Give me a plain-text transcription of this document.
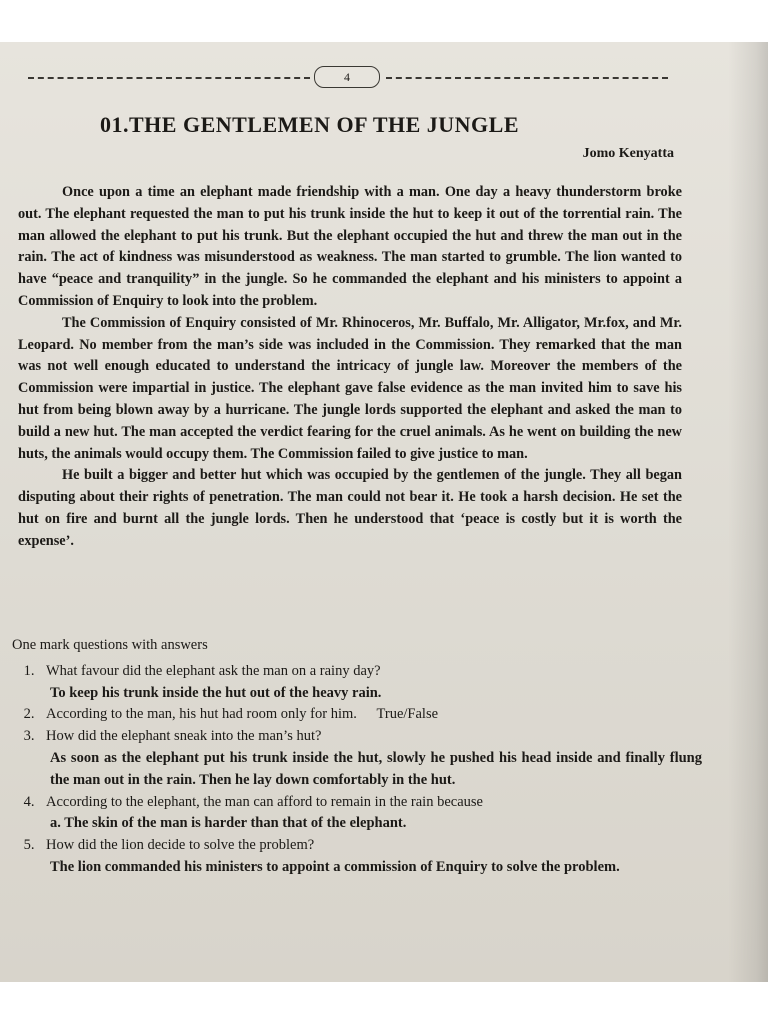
4
01.THE GENTLEMEN OF THE JUNGLE
Jomo Kenyatta

Once upon a time an elephant made friendship with a man. One day a heavy thunderstorm broke out. The elephant requested the man to put his trunk inside the hut to keep it out of the torrential rain. The man allowed the elephant to put his trunk. But the elephant occupied the hut and threw the man out in the rain. The act of kindness was misunderstood as weakness. The man started to grumble. The lion wanted to have “peace and tranquility” in the jungle. So he commanded the elephant and his ministers to appoint a Commission of Enquiry to look into the problem.

The Commission of Enquiry consisted of Mr. Rhinoceros, Mr. Buffalo, Mr. Alligator, Mr.fox, and Mr. Leopard. No member from the man’s side was included in the Commission. They remarked that the man was not well enough educated to understand the intricacy of jungle law. Moreover the members of the Commission were impartial in justice. The elephant gave false evidence as the man invited him to save his hut from being blown away by a hurricane. The jungle lords supported the elephant and asked the man to build a new hut. The man accepted the verdict fearing for the cruel animals. As he went on building the new huts, the animals would occupy them. The Commission failed to give justice to man.

He built a bigger and better hut which was occupied by the gentlemen of the jungle. They all began disputing about their rights of penetration. The man could not bear it. He took a harsh decision. He set the hut on fire and burnt all the jungle lords. Then he understood that ‘peace is costly but it is worth the expense’.

One mark questions with answers
1. What favour did the elephant ask the man on a rainy day?
To keep his trunk inside the hut out of the heavy rain.
2. According to the man, his hut had room only for him. True/False
3. How did the elephant sneak into the man’s hut?
As soon as the elephant put his trunk inside the hut, slowly he pushed his head inside and finally flung the man out in the rain. Then he lay down comfortably in the hut.
4. According to the elephant, the man can afford to remain in the rain because
a. The skin of the man is harder than that of the elephant.
5. How did the lion decide to solve the problem?
The lion commanded his ministers to appoint a commission of Enquiry to solve the problem.
